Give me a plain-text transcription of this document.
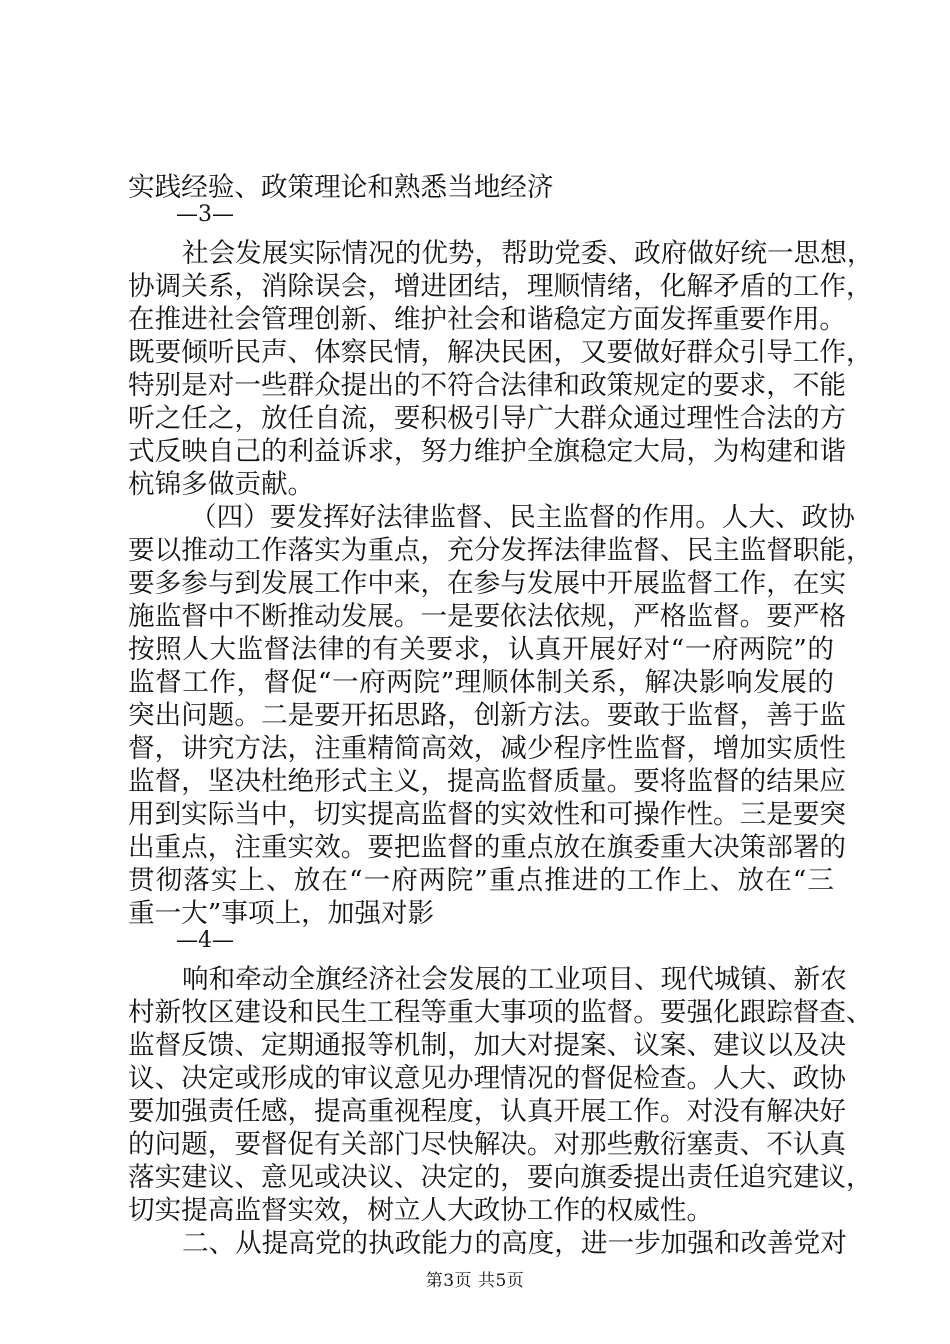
实践经验、政策理论和熟悉当地经济
—3—
社会发展实际情况的优势，帮助党委、政府做好统一思想，
协调关系，消除误会，增进团结，理顺情绪，化解矛盾的工作，
在推进社会管理创新、维护社会和谐稳定方面发挥重要作用。
既要倾听民声、体察民情，解决民困，又要做好群众引导工作，
特别是对一些群众提出的不符合法律和政策规定的要求，不能
听之任之，放任自流，要积极引导广大群众通过理性合法的方
式反映自己的利益诉求，努力维护全旗稳定大局，为构建和谐
杭锦多做贡献。
（四）要发挥好法律监督、民主监督的作用。人大、政协
要以推动工作落实为重点，充分发挥法律监督、民主监督职能，
要多参与到发展工作中来，在参与发展中开展监督工作，在实
施监督中不断推动发展。一是要依法依规，严格监督。要严格
按照人大监督法律的有关要求，认真开展好对“一府两院”的
监督工作，督促“一府两院”理顺体制关系，解决影响发展的
突出问题。二是要开拓思路，创新方法。要敢于监督，善于监
督，讲究方法，注重精简高效，减少程序性监督，增加实质性
监督，坚决杜绝形式主义，提高监督质量。要将监督的结果应
用到实际当中，切实提高监督的实效性和可操作性。三是要突
出重点，注重实效。要把监督的重点放在旗委重大决策部署的
贯彻落实上、放在“一府两院”重点推进的工作上、放在“三
重一大”事项上，加强对影
—4—
响和牵动全旗经济社会发展的工业项目、现代城镇、新农
村新牧区建设和民生工程等重大事项的监督。要强化跟踪督查、
监督反馈、定期通报等机制，加大对提案、议案、建议以及决
议、决定或形成的审议意见办理情况的督促检查。人大、政协
要加强责任感，提高重视程度，认真开展工作。对没有解决好
的问题，要督促有关部门尽快解决。对那些敷衍塞责、不认真
落实建议、意见或决议、决定的，要向旗委提出责任追究建议，
切实提高监督实效，树立人大政协工作的权威性。
二、从提高党的执政能力的高度，进一步加强和改善党对
第3页 共5页
